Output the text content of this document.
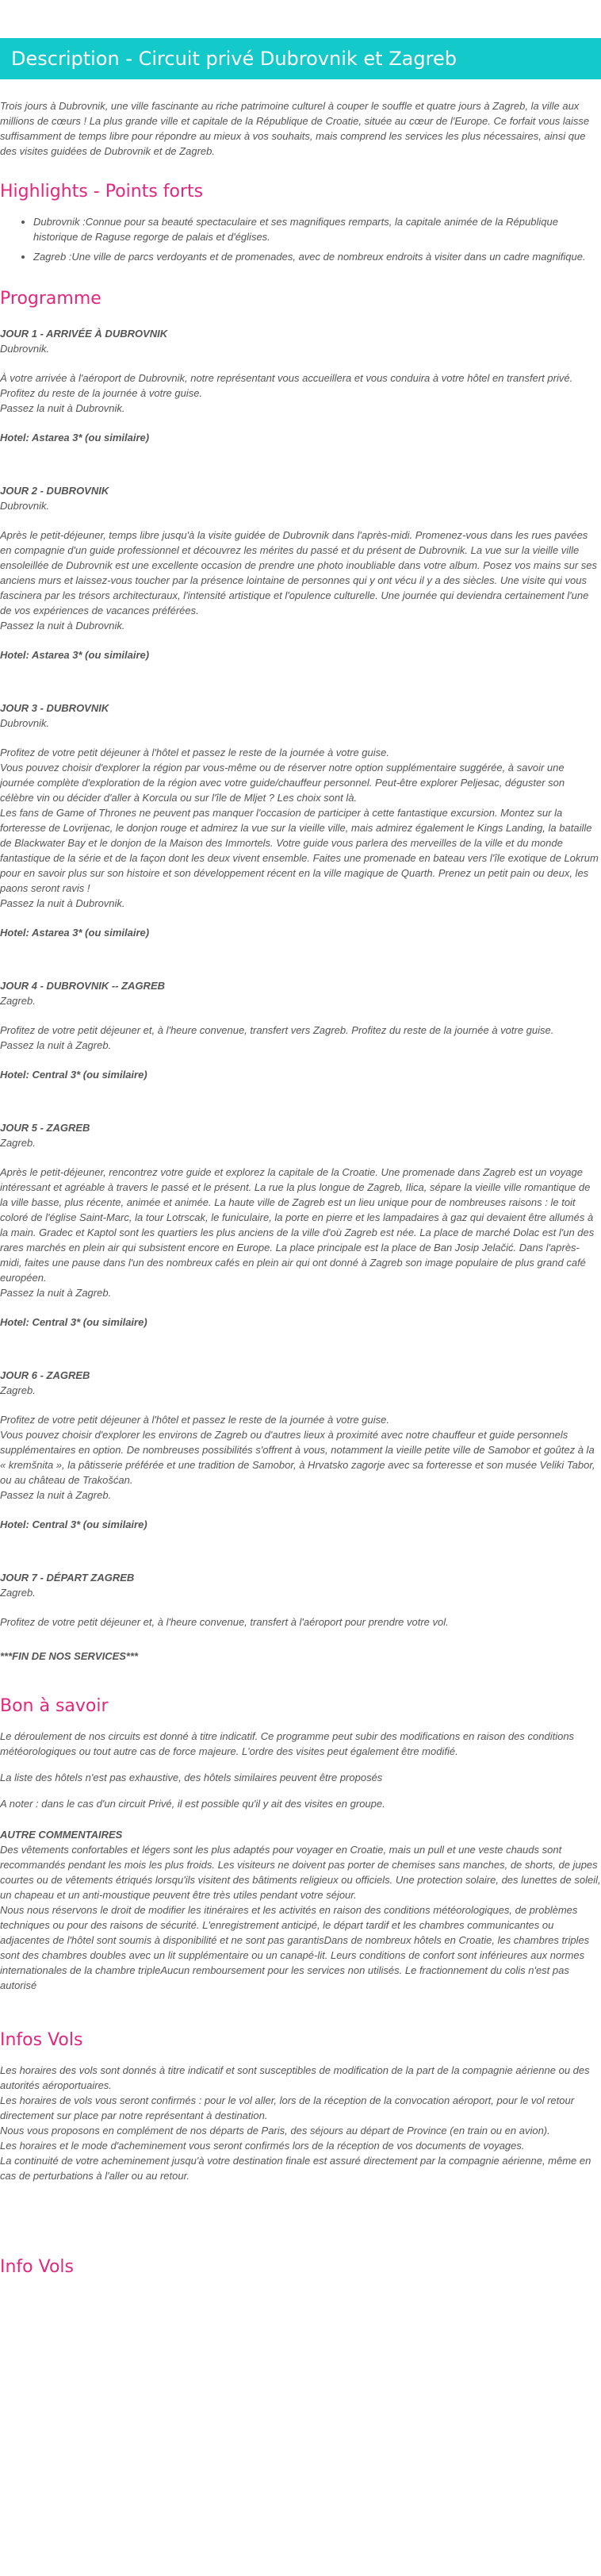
Description - Circuit privé Dubrovnik et Zagreb

Trois jours à Dubrovnik, une ville fascinante au riche patrimoine culturel à couper le souffle et quatre jours à Zagreb, la ville aux millions de cœurs ! La plus grande ville et capitale de la République de Croatie, située au cœur de l'Europe. Ce forfait vous laisse suffisamment de temps libre pour répondre au mieux à vos souhaits, mais comprend les services les plus nécessaires, ainsi que des visites guidées de Dubrovnik et de Zagreb.

Highlights - Points forts
• Dubrovnik :Connue pour sa beauté spectaculaire et ses magnifiques remparts, la capitale animée de la République historique de Raguse regorge de palais et d'églises.
• Zagreb :Une ville de parcs verdoyants et de promenades, avec de nombreux endroits à visiter dans un cadre magnifique.
Programme
JOUR 1 - ARRIVÉE À DUBROVNIK
Dubrovnik.
À votre arrivée à l'aéroport de Dubrovnik, notre représentant vous accueillera et vous conduira à votre hôtel en transfert privé. Profitez du reste de la journée à votre guise.
Passez la nuit à Dubrovnik.
Hotel: Astarea 3* (ou similaire)
JOUR 2 - DUBROVNIK
Dubrovnik.
Après le petit-déjeuner, temps libre jusqu'à la visite guidée de Dubrovnik dans l'après-midi. Promenez-vous dans les rues pavées en compagnie d'un guide professionnel et découvrez les mérites du passé et du présent de Dubrovnik. La vue sur la vieille ville ensoleillée de Dubrovnik est une excellente occasion de prendre une photo inoubliable dans votre album. Posez vos mains sur ses anciens murs et laissez-vous toucher par la présence lointaine de personnes qui y ont vécu il y a des siècles. Une visite qui vous fascinera par les trésors architecturaux, l'intensité artistique et l'opulence culturelle. Une journée qui deviendra certainement l'une de vos expériences de vacances préférées.
Passez la nuit à Dubrovnik.
Hotel: Astarea 3* (ou similaire)
JOUR 3 - DUBROVNIK
Dubrovnik.
Profitez de votre petit déjeuner à l'hôtel et passez le reste de la journée à votre guise.
Vous pouvez choisir d'explorer la région par vous-même ou de réserver notre option supplémentaire suggérée, à savoir une journée complète d'exploration de la région avec votre guide/chauffeur personnel. Peut-être explorer Peljesac, déguster son célèbre vin ou décider d'aller à Korcula ou sur l'île de Mljet ? Les choix sont là.
Les fans de Game of Thrones ne peuvent pas manquer l'occasion de participer à cette fantastique excursion. Montez sur la forteresse de Lovrijenac, le donjon rouge et admirez la vue sur la vieille ville, mais admirez également le Kings Landing, la bataille de Blackwater Bay et le donjon de la Maison des Immortels. Votre guide vous parlera des merveilles de la ville et du monde fantastique de la série et de la façon dont les deux vivent ensemble. Faites une promenade en bateau vers l'île exotique de Lokrum pour en savoir plus sur son histoire et son développement récent en la ville magique de Quarth. Prenez un petit pain ou deux, les paons seront ravis !
Passez la nuit à Dubrovnik.
Hotel: Astarea 3* (ou similaire)
JOUR 4 - DUBROVNIK -- ZAGREB
Zagreb.
Profitez de votre petit déjeuner et, à l'heure convenue, transfert vers Zagreb. Profitez du reste de la journée à votre guise.
Passez la nuit à Zagreb.
Hotel: Central 3* (ou similaire)
JOUR 5 - ZAGREB
Zagreb.
Après le petit-déjeuner, rencontrez votre guide et explorez la capitale de la Croatie. Une promenade dans Zagreb est un voyage intéressant et agréable à travers le passé et le présent. La rue la plus longue de Zagreb, Ilica, sépare la vieille ville romantique de la ville basse, plus récente, animée et animée. La haute ville de Zagreb est un lieu unique pour de nombreuses raisons : le toit coloré de l'église Saint-Marc, la tour Lotrscak, le funiculaire, la porte en pierre et les lampadaires à gaz qui devaient être allumés à la main. Gradec et Kaptol sont les quartiers les plus anciens de la ville d'où Zagreb est née. La place de marché Dolac est l'un des rares marchés en plein air qui subsistent encore en Europe. La place principale est la place de Ban Josip Jelačić. Dans l'après-midi, faites une pause dans l'un des nombreux cafés en plein air qui ont donné à Zagreb son image populaire de plus grand café européen.
Passez la nuit à Zagreb.
Hotel: Central 3* (ou similaire)
JOUR 6 - ZAGREB
Zagreb.
Profitez de votre petit déjeuner à l'hôtel et passez le reste de la journée à votre guise.
Vous pouvez choisir d'explorer les environs de Zagreb ou d'autres lieux à proximité avec notre chauffeur et guide personnels supplémentaires en option. De nombreuses possibilités s'offrent à vous, notamment la vieille petite ville de Samobor et goûtez à la « kremšnita », la pâtisserie préférée et une tradition de Samobor, à Hrvatsko zagorje avec sa forteresse et son musée Veliki Tabor, ou au château de Trakošćan.
Passez la nuit à Zagreb.
Hotel: Central 3* (ou similaire)
JOUR 7 - DÉPART ZAGREB
Zagreb.
Profitez de votre petit déjeuner et, à l'heure convenue, transfert à l'aéroport pour prendre votre vol.
***FIN DE NOS SERVICES***
Bon à savoir

Le déroulement de nos circuits est donné à titre indicatif. Ce programme peut subir des modifications en raison des conditions météorologiques ou tout autre cas de force majeure. L'ordre des visites peut également être modifié.

La liste des hôtels n'est pas exhaustive, des hôtels similaires peuvent être proposés

A noter : dans le cas d'un circuit Privé, il est possible qu'il y ait des visites en groupe.

AUTRE COMMENTAIRES
Des vêtements confortables et légers sont les plus adaptés pour voyager en Croatie, mais un pull et une veste chauds sont recommandés pendant les mois les plus froids. Les visiteurs ne doivent pas porter de chemises sans manches, de shorts, de jupes courtes ou de vêtements étriqués lorsqu'ils visitent des bâtiments religieux ou officiels. Une protection solaire, des lunettes de soleil, un chapeau et un anti-moustique peuvent être très utiles pendant votre séjour.
Nous nous réservons le droit de modifier les itinéraires et les activités en raison des conditions météorologiques, de problèmes techniques ou pour des raisons de sécurité. L'enregistrement anticipé, le départ tardif et les chambres communicantes ou adjacentes de l'hôtel sont soumis à disponibilité et ne sont pas garantisDans de nombreux hôtels en Croatie, les chambres triples sont des chambres doubles avec un lit supplémentaire ou un canapé-lit. Leurs conditions de confort sont inférieures aux normes internationales de la chambre tripleAucun remboursement pour les services non utilisés. Le fractionnement du colis n'est pas autorisé
Infos Vols
Les horaires des vols sont donnés à titre indicatif et sont susceptibles de modification de la part de la compagnie aérienne ou des autorités aéroportuaires.
Les horaires de vols vous seront confirmés : pour le vol aller, lors de la réception de la convocation aéroport, pour le vol retour directement sur place par notre représentant à destination.
Nous vous proposons en complément de nos départs de Paris, des séjours au départ de Province (en train ou en avion).
Les horaires et le mode d'acheminement vous seront confirmés lors de la réception de vos documents de voyages.
La continuité de votre acheminement jusqu'à votre destination finale est assuré directement par la compagnie aérienne, même en cas de perturbations à l'aller ou au retour.
Info Vols
